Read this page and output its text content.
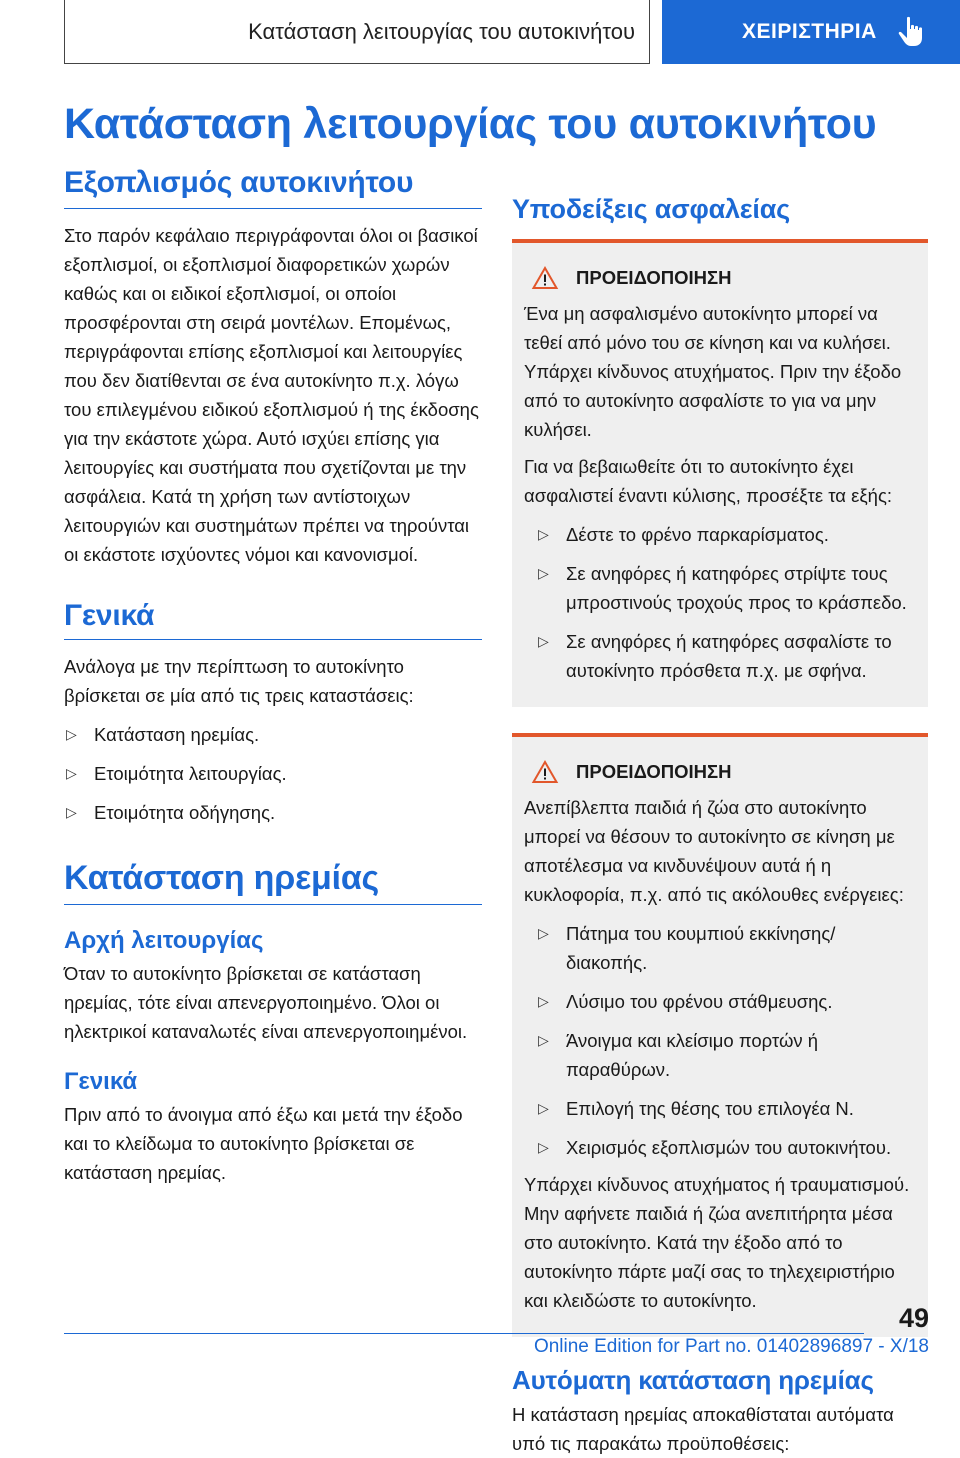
Κατάσταση λειτουργίας του αυτοκινήτου	ΧΕΙΡΙΣΤΗΡΙΑ
Κατάσταση λειτουργίας του αυτοκινήτου
Εξοπλισμός αυτοκινήτου

Στο παρόν κεφάλαιο περιγράφονται όλοι οι βασικοί εξοπλισμοί, οι εξοπλισμοί διαφορετικών χωρών καθώς και οι ειδικοί εξοπλισμοί, οι οποίοι προσφέρονται στη σειρά μοντέλων. Επομένως, περιγράφονται επίσης εξοπλισμοί και λειτουργίες που δεν διατίθενται σε ένα αυτοκίνητο π.χ. λόγω του επιλεγμένου ειδικού εξοπλισμού ή της έκδοσης για την εκάστοτε χώρα. Αυτό ισχύει επίσης για λειτουργίες και συστήματα που σχετίζονται με την ασφάλεια. Κατά τη χρήση των αντίστοιχων λειτουργιών και συστημάτων πρέπει να τηρούνται οι εκάστοτε ισχύοντες νόμοι και κανονισμοί.

Γενικά

Ανάλογα με την περίπτωση το αυτοκίνητο βρίσκεται σε μία από τις τρεις καταστάσεις:

▷ Κατάσταση ηρεμίας.
▷ Ετοιμότητα λειτουργίας.
▷ Ετοιμότητα οδήγησης.
Κατάσταση ηρεμίας
Αρχή λειτουργίας

Όταν το αυτοκίνητο βρίσκεται σε κατάσταση ηρεμίας, τότε είναι απενεργοποιημένο. Όλοι οι ηλεκτρικοί καταναλωτές είναι απενεργοποιημένοι.

Γενικά

Πριν από το άνοιγμα από έξω και μετά την έξοδο και το κλείδωμα το αυτοκίνητο βρίσκεται σε κατάσταση ηρεμίας.

Υποδείξεις ασφαλείας
ΠΡΟΕΙΔΟΠΟΙΗΣΗ

Ένα μη ασφαλισμένο αυτοκίνητο μπορεί να τεθεί από μόνο του σε κίνηση και να κυλήσει. Υπάρχει κίνδυνος ατυχήματος. Πριν την έξοδο από το αυτοκίνητο ασφαλίστε το για να μην κυλήσει.

Για να βεβαιωθείτε ότι το αυτοκίνητο έχει ασφαλιστεί έναντι κύλισης, προσέξτε τα εξής:

▷ Δέστε το φρένο παρκαρίσματος.
▷ Σε ανηφόρες ή κατηφόρες στρίψτε τους μπροστινούς τροχούς προς το κράσπεδο.
▷ Σε ανηφόρες ή κατηφόρες ασφαλίστε το αυτοκίνητο πρόσθετα π.χ. με σφήνα.
ΠΡΟΕΙΔΟΠΟΙΗΣΗ

Ανεπίβλεπτα παιδιά ή ζώα στο αυτοκίνητο μπορεί να θέσουν το αυτοκίνητο σε κίνηση με αποτέλεσμα να κινδυνέψουν αυτά ή η κυκλοφορία, π.χ. από τις ακόλουθες ενέργειες:

▷ Πάτημα του κουμπιού εκκίνησης/διακοπής.
▷ Λύσιμο του φρένου στάθμευσης.
▷ Άνοιγμα και κλείσιμο πορτών ή παραθύρων.
▷ Επιλογή της θέσης του επιλογέα N.
▷ Χειρισμός εξοπλισμών του αυτοκινήτου.

Υπάρχει κίνδυνος ατυχήματος ή τραυματισμού. Μην αφήνετε παιδιά ή ζώα ανεπιτήρητα μέσα στο αυτοκίνητο. Κατά την έξοδο από το αυτοκίνητο πάρτε μαζί σας το τηλεχειριστήριο και κλειδώστε το αυτοκίνητο.

Αυτόματη κατάσταση ηρεμίας

Η κατάσταση ηρεμίας αποκαθίσταται αυτόματα υπό τις παρακάτω προϋποθέσεις:

49
Online Edition for Part no. 01402896897 - X/18
